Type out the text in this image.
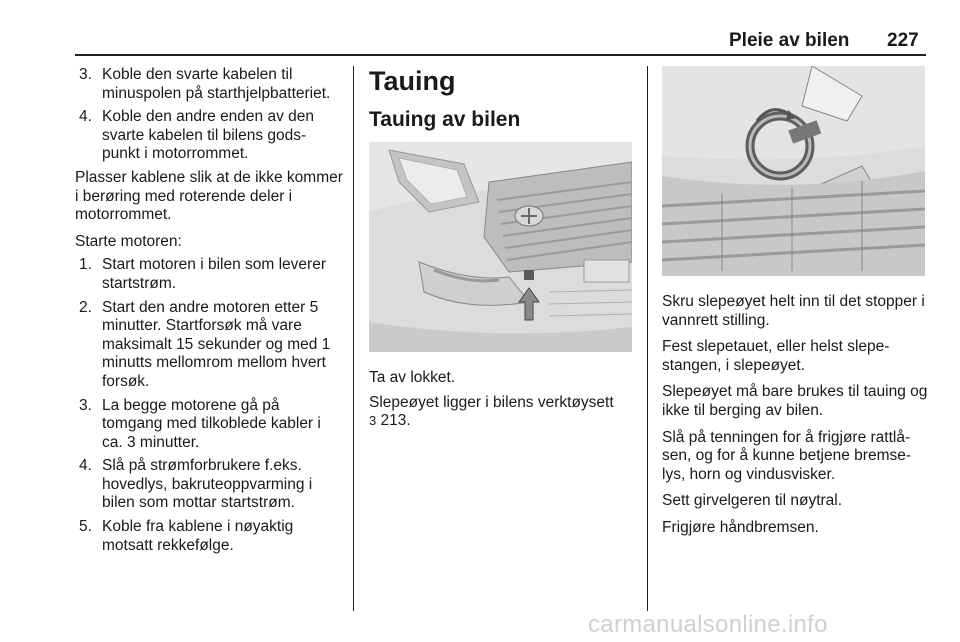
Pleie av bilen 227
3. Koble den svarte kabelen til minuspolen på starthjelpbatteriet.
4. Koble den andre enden av den svarte kabelen til bilens gods-punkt i motorrommet.

Plasser kablene slik at de ikke kommer i berøring med roterende deler i motorrommet.

Starte motoren:

1. Start motoren i bilen som leverer startstrøm.
2. Start den andre motoren etter 5 minutter. Startforsøk må vare maksimalt 15 sekunder og med 1 minutts mellomrom mellom hvert forsøk.
3. La begge motorene gå på tomgang med tilkoblede kabler i ca. 3 minutter.
4. Slå på strømforbrukere f.eks. hovedlys, bakruteoppvarming i bilen som mottar startstrøm.
5. Koble fra kablene i nøyaktig motsatt rekkefølge.
Tauing
Tauing av bilen

Ta av lokket.

Slepeøyet ligger i bilens verktøysett
3 213.

Skru slepeøyet helt inn til det stopper i vannrett stilling.

Fest slepetauet, eller helst slepe-stangen, i slepeøyet.

Slepeøyet må bare brukes til tauing og ikke til berging av bilen.

Slå på tenningen for å frigjøre rattlå-sen, og for å kunne betjene bremse-lys, horn og vindusvisker.

Sett girvelgeren til nøytral.

Frigjøre håndbremsen.

carmanualsonline.info
